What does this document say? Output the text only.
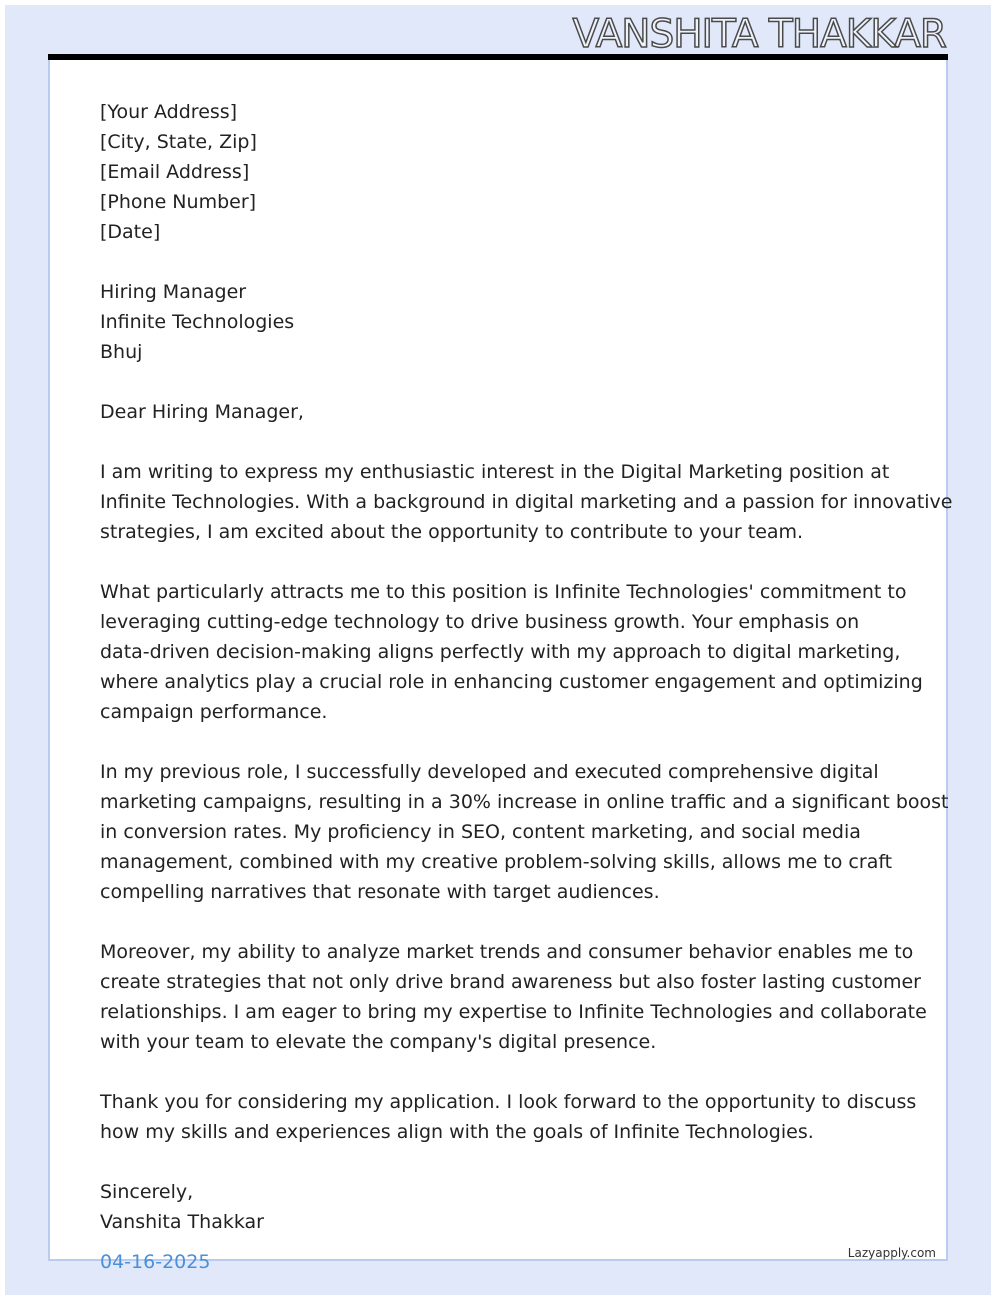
VANSHITA THAKKAR
[Your Address]
[City, State, Zip]
[Email Address]
[Phone Number]
[Date]
Hiring Manager
Infinite Technologies
Bhuj
Dear Hiring Manager,

I am writing to express my enthusiastic interest in the Digital Marketing position at
Infinite Technologies. With a background in digital marketing and a passion for innovative
strategies, I am excited about the opportunity to contribute to your team.

What particularly attracts me to this position is Infinite Technologies' commitment to
leveraging cutting-edge technology to drive business growth. Your emphasis on
data-driven decision-making aligns perfectly with my approach to digital marketing,
where analytics play a crucial role in enhancing customer engagement and optimizing
campaign performance.

In my previous role, I successfully developed and executed comprehensive digital
marketing campaigns, resulting in a 30% increase in online traffic and a significant boost
in conversion rates. My proficiency in SEO, content marketing, and social media
management, combined with my creative problem-solving skills, allows me to craft
compelling narratives that resonate with target audiences.

Moreover, my ability to analyze market trends and consumer behavior enables me to
create strategies that not only drive brand awareness but also foster lasting customer
relationships. I am eager to bring my expertise to Infinite Technologies and collaborate
with your team to elevate the company's digital presence.

Thank you for considering my application. I look forward to the opportunity to discuss
how my skills and experiences align with the goals of Infinite Technologies.

Sincerely,
Vanshita Thakkar
Lazyapply.com
04-16-2025
